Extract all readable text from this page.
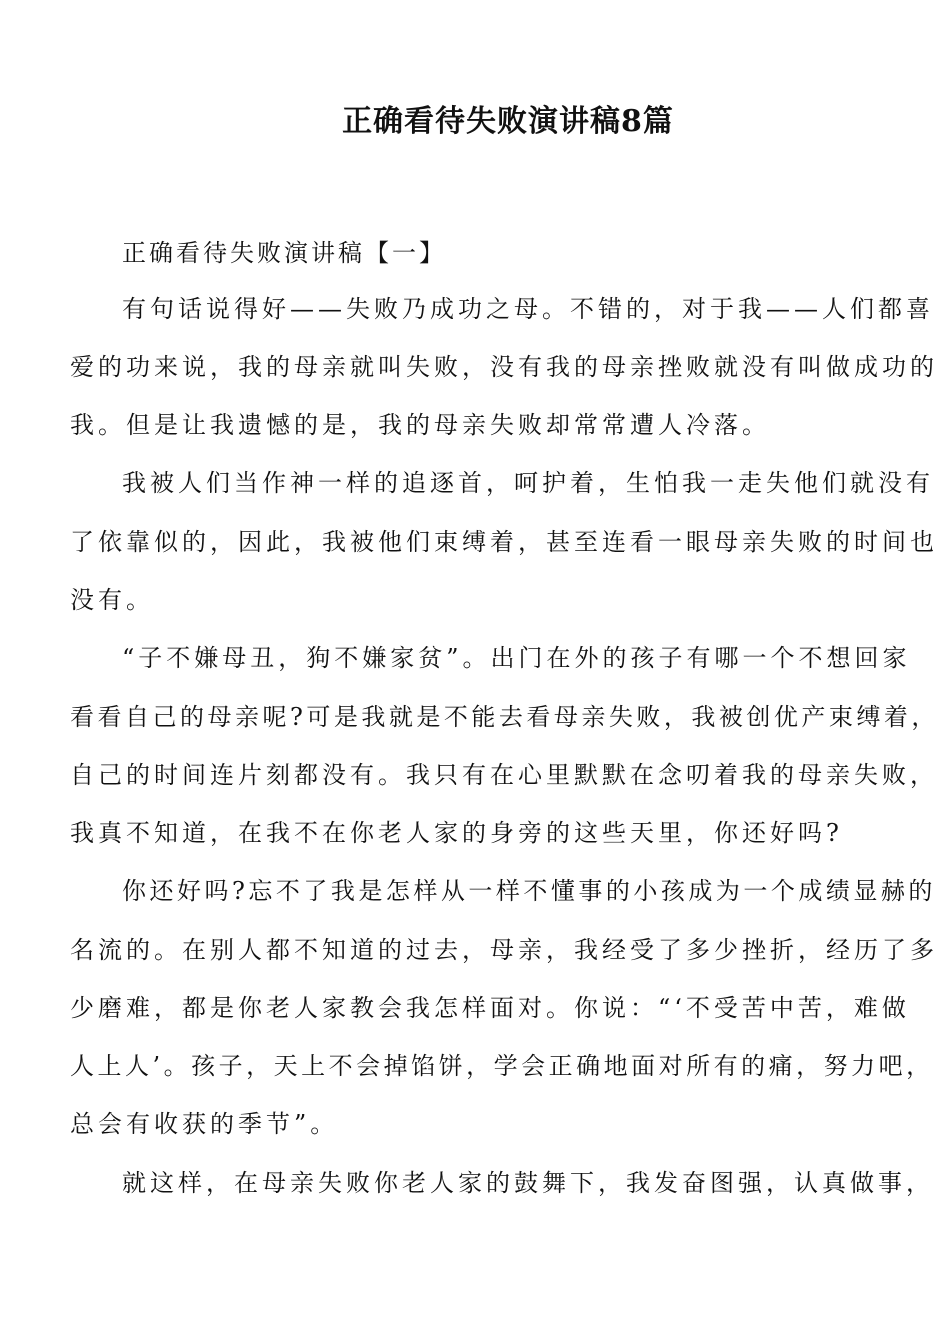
正确看待失败演讲稿8篇
正确看待失败演讲稿【一】
有句话说得好——失败乃成功之母。不错的，对于我——人们都喜
爱的功来说，我的母亲就叫失败，没有我的母亲挫败就没有叫做成功的
我。但是让我遗憾的是，我的母亲失败却常常遭人冷落。
我被人们当作神一样的追逐首，呵护着，生怕我一走失他们就没有
了依靠似的，因此，我被他们束缚着，甚至连看一眼母亲失败的时间也
没有。
“子不嫌母丑，狗不嫌家贫”。出门在外的孩子有哪一个不想回家
看看自己的母亲呢?可是我就是不能去看母亲失败，我被创优产束缚着，
自己的时间连片刻都没有。我只有在心里默默在念叨着我的母亲失败，
我真不知道，在我不在你老人家的身旁的这些天里，你还好吗?
你还好吗?忘不了我是怎样从一样不懂事的小孩成为一个成绩显赫的
名流的。在别人都不知道的过去，母亲，我经受了多少挫折，经历了多
少磨难，都是你老人家教会我怎样面对。你说：“‘不受苦中苦，难做
人上人’。孩子，天上不会掉馅饼，学会正确地面对所有的痛，努力吧，
总会有收获的季节”。
就这样，在母亲失败你老人家的鼓舞下，我发奋图强，认真做事，
